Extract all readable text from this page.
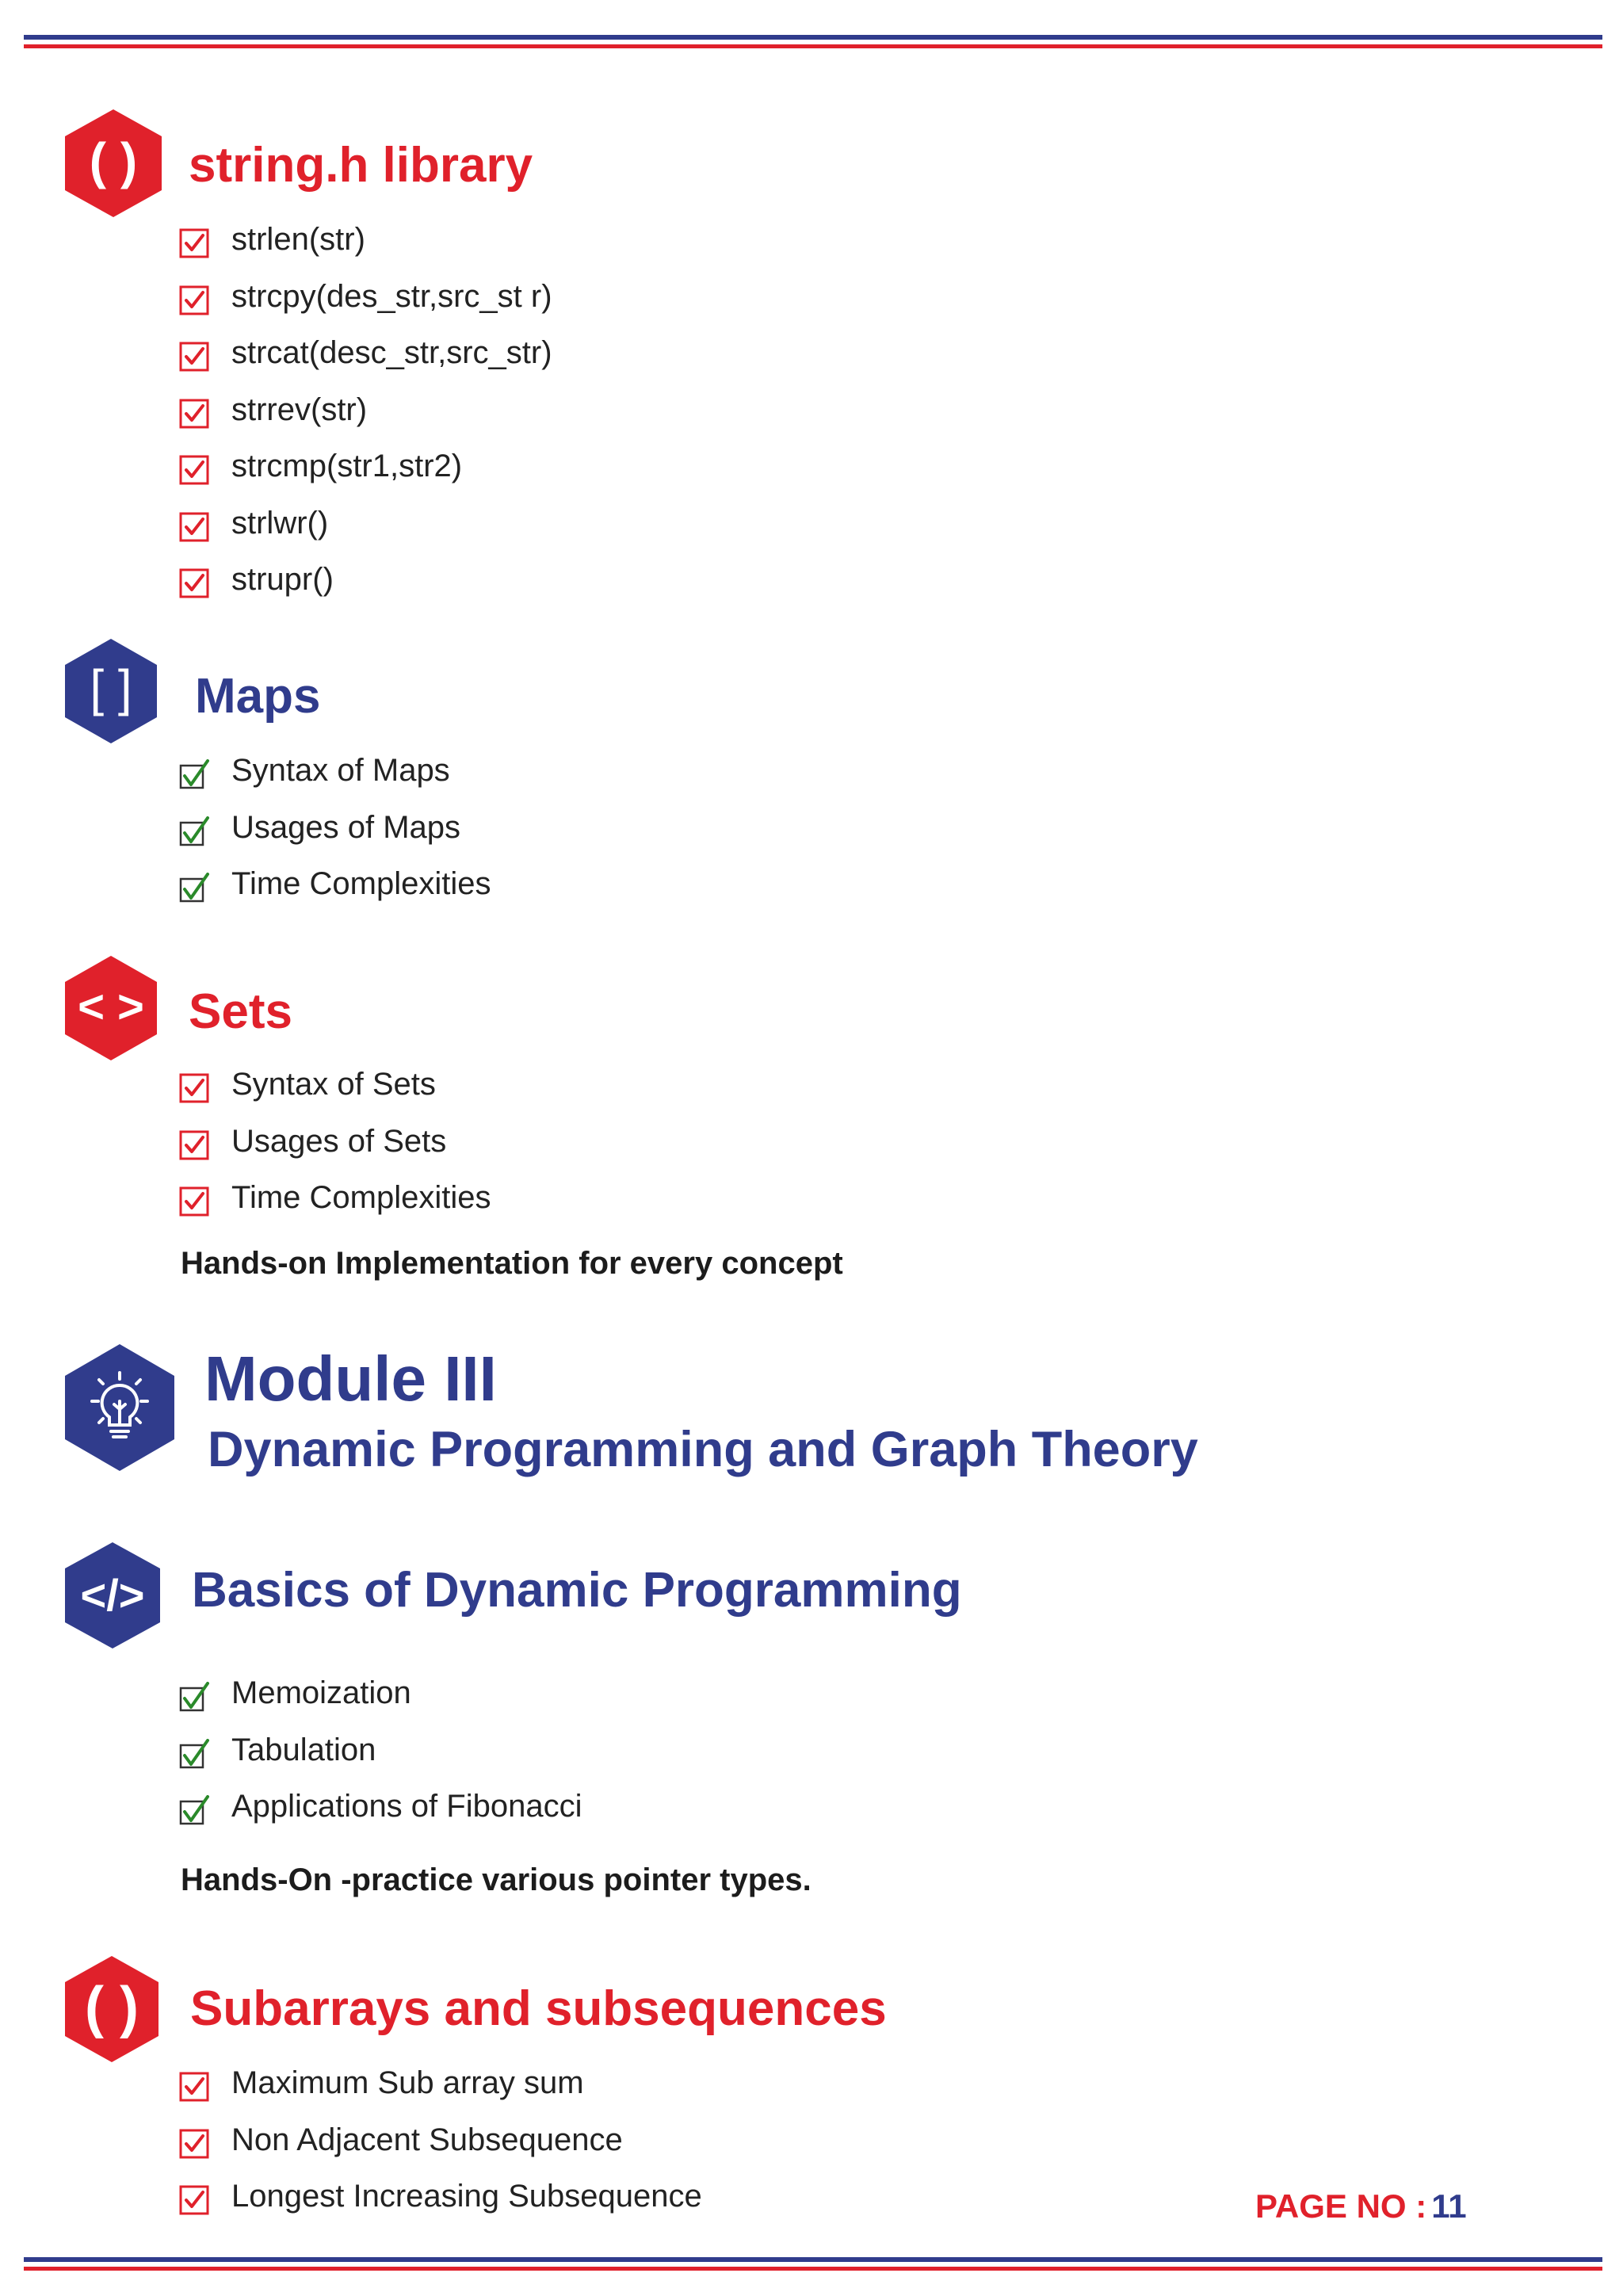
( ) string.h library
strlen(str)
strcpy(des_str,src_st r)
strcat(desc_str,src_str)
strrev(str)
strcmp(str1,str2)
strlwr()
strupr()
[ ] Maps
Syntax of Maps
Usages of Maps
Time Complexities
< > Sets
Syntax of Sets
Usages of Sets
Time Complexities

Hands-on Implementation for every concept

Module III
Dynamic Programming and Graph Theory
</> Basics of Dynamic Programming
Memoization
Tabulation
Applications of Fibonacci

Hands-On -practice various pointer types.

( ) Subarrays and subsequences
Maximum Sub array sum
Non Adjacent Subsequence
Longest Increasing Subsequence	PAGE NO : 11
